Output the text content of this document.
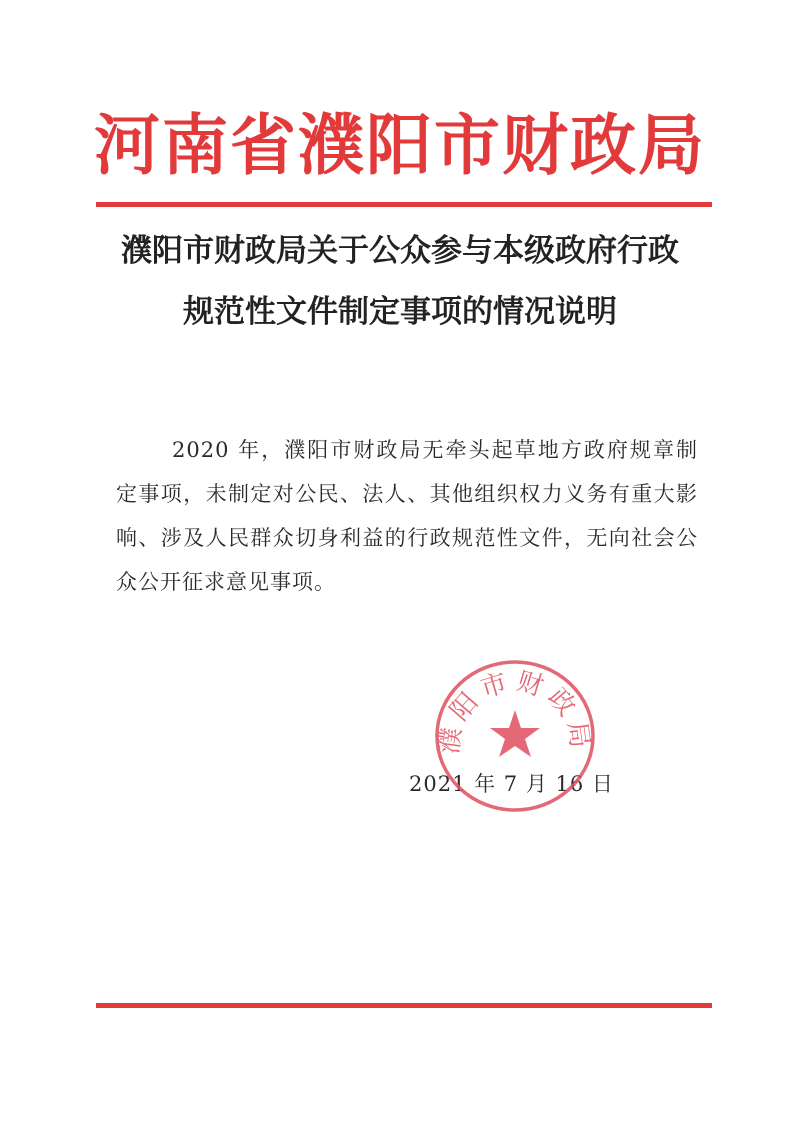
河南省濮阳市财政局
濮阳市财政局关于公众参与本级政府行政
规范性文件制定事项的情况说明
2020 年，濮阳市财政局无牵头起草地方政府规章制定事项，未制定对公民、法人、其他组织权力义务有重大影响、涉及人民群众切身利益的行政规范性文件，无向社会公众公开征求意见事项。
2021 年 7 月 16 日
濮阳市财政局
